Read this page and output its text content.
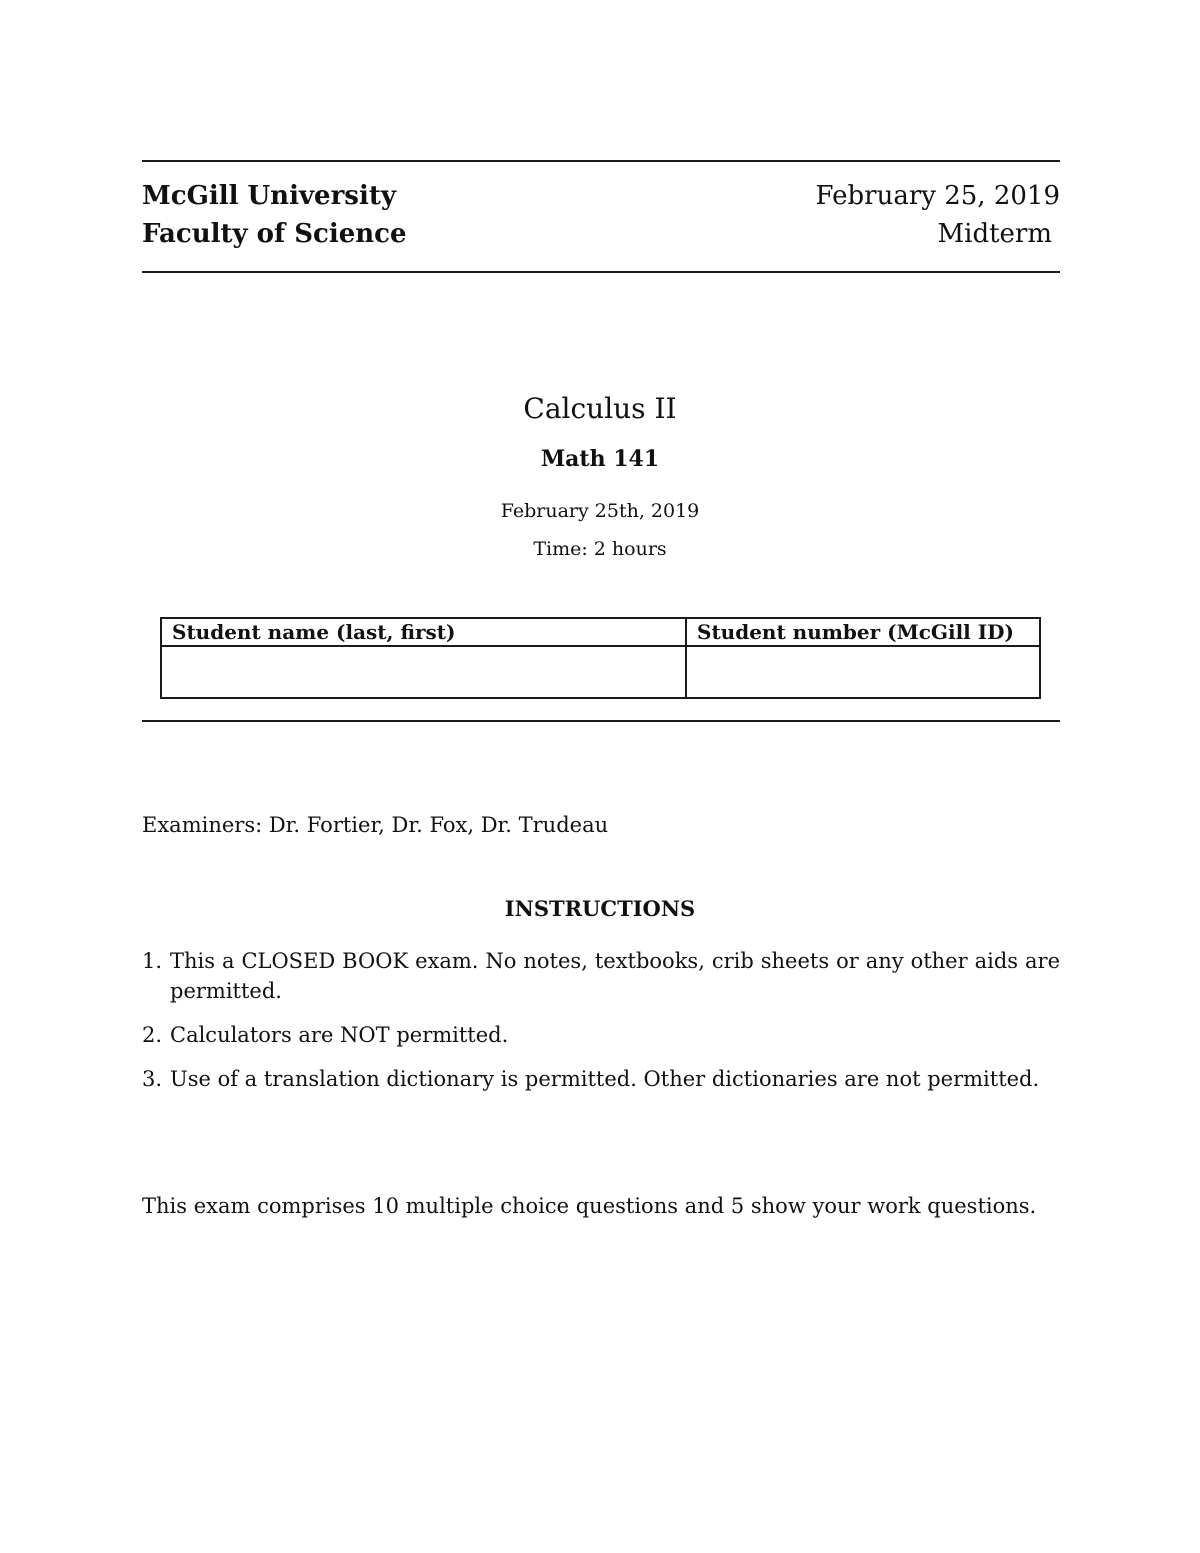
McGill University
Faculty of Science
February 25, 2019
Midterm
Calculus II
Math 141
February 25th, 2019
Time: 2 hours
Student name (last, first)	Student number (McGill ID)

Examiners: Dr. Fortier, Dr. Fox, Dr. Trudeau
INSTRUCTIONS
1. This a CLOSED BOOK exam. No notes, textbooks, crib sheets or any other aids are permitted.
2. Calculators are NOT permitted.
3. Use of a translation dictionary is permitted. Other dictionaries are not permitted.
This exam comprises 10 multiple choice questions and 5 show your work questions.
